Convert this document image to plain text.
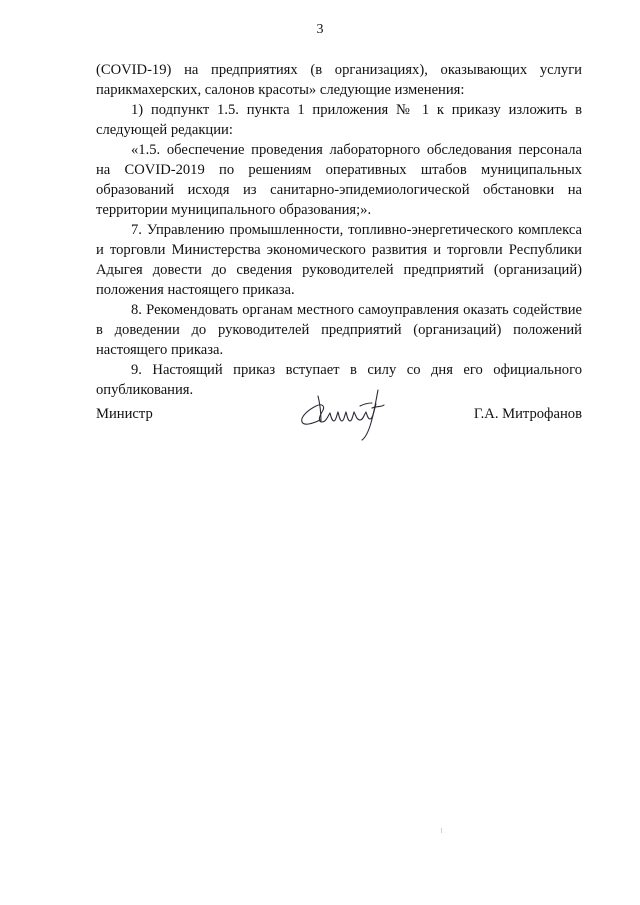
3

(COVID-19) на предприятиях (в организациях), оказывающих услуги парикмахерских, салонов красоты» следующие изменения:

1) подпункт 1.5. пункта 1 приложения № 1 к приказу изложить в следующей редакции:

«1.5. обеспечение проведения лабораторного обследования персонала на COVID-2019 по решениям оперативных штабов муниципальных образований исходя из санитарно-эпидемиологической обстановки на территории муниципального образования;».

7. Управлению промышленности, топливно-энергетического комплекса и торговли Министерства экономического развития и торговли Республики Адыгея довести до сведения руководителей предприятий (организаций) положения настоящего приказа.

8. Рекомендовать органам местного самоуправления оказать содействие в доведении до руководителей предприятий (организаций) положений настоящего приказа.

9. Настоящий приказ вступает в силу со дня его официального опубликования.

Министр	Г.А. Митрофанов
